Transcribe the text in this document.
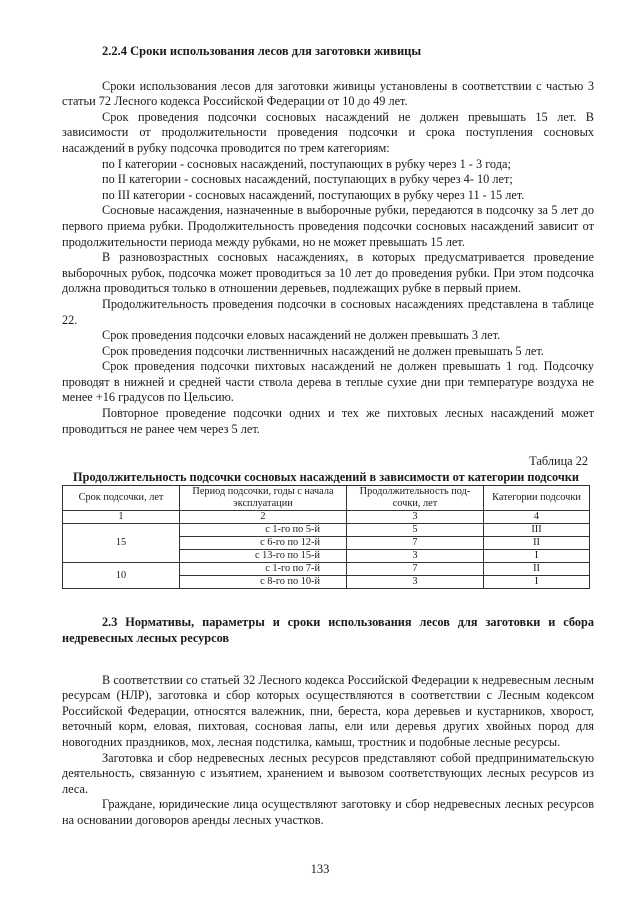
2.2.4 Сроки использования лесов для заготовки живицы

Сроки использования лесов для заготовки живицы установлены в соответствии с частью 3 статьи 72 Лесного кодекса Российской Федерации от 10 до 49 лет.

Срок проведения подсочки сосновых насаждений не должен превышать 15 лет. В зависимости от продолжительности проведения подсочки и срока поступления сосновых насаждений в рубку подсочка проводится по трем категориям:

по I категории - сосновых насаждений, поступающих в рубку через 1 - 3 года;
по II категории - сосновых насаждений, поступающих в рубку через 4- 10 лет;
по III категории - сосновых насаждений, поступающих в рубку через 11 - 15 лет.

Сосновые насаждения, назначенные в выборочные рубки, передаются в подсочку за 5 лет до первого приема рубки. Продолжительность проведения подсочки сосновых насаждений зависит от продолжительности периода между рубками, но не может превышать 15 лет.

В разновозрастных сосновых насаждениях, в которых предусматривается проведение выборочных рубок, подсочка может проводиться за 10 лет до проведения рубки. При этом подсочка должна проводиться только в отношении деревьев, подлежащих рубке в первый прием.

Продолжительность проведения подсочки в сосновых насаждениях представлена в таблице 22.

Срок проведения подсочки еловых насаждений не должен превышать 3 лет.

Срок проведения подсочки лиственничных насаждений не должен превышать 5 лет.

Срок проведения подсочки пихтовых насаждений не должен превышать 1 год. Подсочку проводят в нижней и средней части ствола дерева в теплые сухие дни при температуре воздуха не менее +16 градусов по Цельсию.

Повторное проведение подсочки одних и тех же пихтовых лесных насаждений может проводиться не ранее чем через 5 лет.

Таблица 22
Продолжительность подсочки сосновых насаждений в зависимости от категории подсочки
Срок подсочки, лет	Период подсочки, годы с начала эксплуатации	Продолжительность под- сочки, лет	Категории подсочки
1	2	3	4
15	с 1-го по 5-й	5	III
	с 6-го по 12-й	7	II
	с 13-го по 15-й	3	I
10	с 1-го по 7-й	7	II
	с 8-го по 10-й	3	I
2.3 Нормативы, параметры и сроки использования лесов для заготовки и сбора недревесных лесных ресурсов

В соответствии со статьей 32 Лесного кодекса Российской Федерации к недревесным лесным ресурсам (НЛР), заготовка и сбор которых осуществляются в соответствии с Лесным кодексом Российской Федерации, относятся валежник, пни, береста, кора деревьев и кустарников, хворост, веточный корм, еловая, пихтовая, сосновая лапы, ели или деревья других хвойных пород для новогодних праздников, мох, лесная подстилка, камыш, тростник и подобные лесные ресурсы.

Заготовка и сбор недревесных лесных ресурсов представляют собой предпринимательскую деятельность, связанную с изъятием, хранением и вывозом соответствующих лесных ресурсов из леса.

Граждане, юридические лица осуществляют заготовку и сбор недревесных лесных ресурсов на основании договоров аренды лесных участков.

133
